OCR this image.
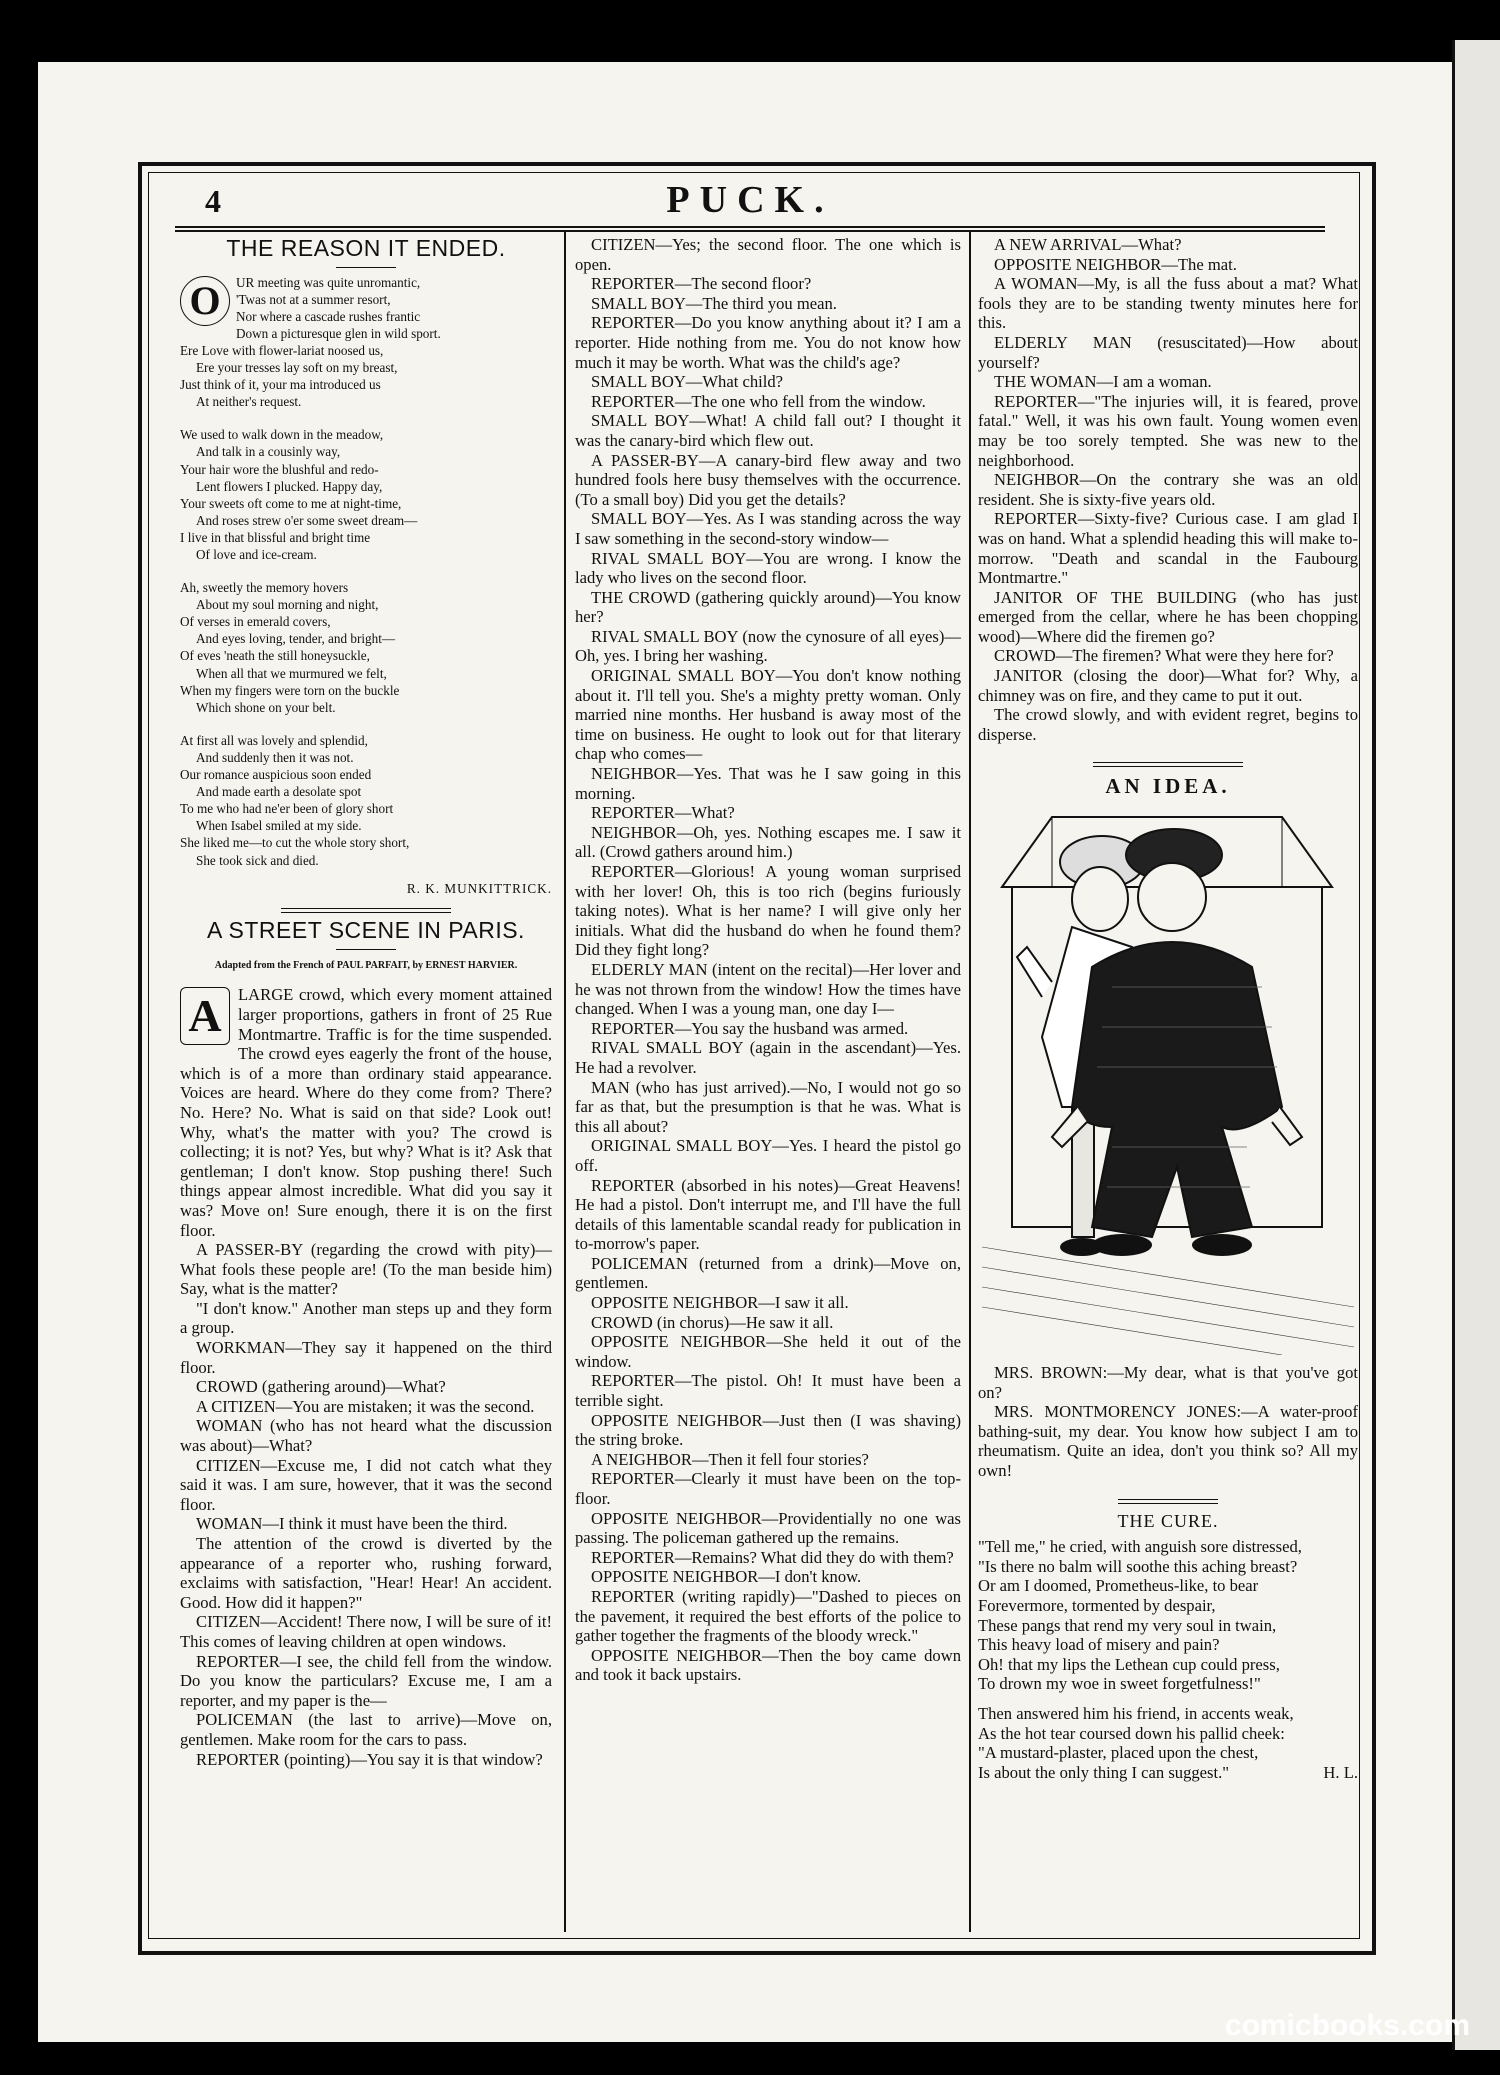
4	PUCK.
THE REASON IT ENDED.
O	UR meeting was quite unromantic,
'Twas not at a summer resort,
Nor where a cascade rushes frantic
Down a picturesque glen in wild sport.
Ere Love with flower-lariat noosed us,
Ere your tresses lay soft on my breast,
Just think of it, your ma introduced us
At neither's request.
We used to walk down in the meadow,
And talk in a cousinly way,
Your hair wore the blushful and redo-
Lent flowers I plucked. Happy day,
Your sweets oft come to me at night-time,
And roses strew o'er some sweet dream—
I live in that blissful and bright time
Of love and ice-cream.
Ah, sweetly the memory hovers
About my soul morning and night,
Of verses in emerald covers,
And eyes loving, tender, and bright—
Of eves 'neath the still honeysuckle,
When all that we murmured we felt,
When my fingers were torn on the buckle
Which shone on your belt.
At first all was lovely and splendid,
And suddenly then it was not.
Our romance auspicious soon ended
And made earth a desolate spot
To me who had ne'er been of glory short
When Isabel smiled at my side.
She liked me—to cut the whole story short,
She took sick and died.
R. K. MUNKITTRICK.
A STREET SCENE IN PARIS.
Adapted from the French of PAUL PARFAIT, by ERNEST HARVIER.
A LARGE crowd, which every moment attained larger proportions, gathers in front of 25 Rue Montmartre. Traffic is for the time suspended. The crowd eyes eagerly the front of the house, which is of a more than ordinary staid appearance. Voices are heard. Where do they come from? There? No. Here? No. What is said on that side? Look out! Why, what's the matter with you? The crowd is collecting; it is not? Yes, but why? What is it? Ask that gentleman; I don't know. Stop pushing there! Such things appear almost incredible. What did you say it was? Move on! Sure enough, there it is on the first floor.

A PASSER-BY (regarding the crowd with pity)—What fools these people are! (To the man beside him) Say, what is the matter?

"I don't know." Another man steps up and they form a group.

WORKMAN—They say it happened on the third floor.

CROWD (gathering around)—What?

A CITIZEN—You are mistaken; it was the second.

WOMAN (who has not heard what the discussion was about)—What?

CITIZEN—Excuse me, I did not catch what they said it was. I am sure, however, that it was the second floor.

WOMAN—I think it must have been the third.

The attention of the crowd is diverted by the appearance of a reporter who, rushing forward, exclaims with satisfaction, "Hear! Hear! An accident. Good. How did it happen?"

CITIZEN—Accident! There now, I will be sure of it! This comes of leaving children at open windows.

REPORTER—I see, the child fell from the window. Do you know the particulars? Excuse me, I am a reporter, and my paper is the—

POLICEMAN (the last to arrive)—Move on, gentlemen. Make room for the cars to pass.

REPORTER (pointing)—You say it is that window?

CITIZEN—Yes; the second floor. The one which is open.

REPORTER—The second floor?

SMALL BOY—The third you mean.

REPORTER—Do you know anything about it? I am a reporter. Hide nothing from me. You do not know how much it may be worth. What was the child's age?

SMALL BOY—What child?

REPORTER—The one who fell from the window.

SMALL BOY—What! A child fall out? I thought it was the canary-bird which flew out.

A PASSER-BY—A canary-bird flew away and two hundred fools here busy themselves with the occurrence. (To a small boy) Did you get the details?

SMALL BOY—Yes. As I was standing across the way I saw something in the second-story window—

RIVAL SMALL BOY—You are wrong. I know the lady who lives on the second floor.

THE CROWD (gathering quickly around)—You know her?

RIVAL SMALL BOY (now the cynosure of all eyes)—Oh, yes. I bring her washing.

ORIGINAL SMALL BOY—You don't know nothing about it. I'll tell you. She's a mighty pretty woman. Only married nine months. Her husband is away most of the time on business. He ought to look out for that literary chap who comes—

NEIGHBOR—Yes. That was he I saw going in this morning.

REPORTER—What?

NEIGHBOR—Oh, yes. Nothing escapes me. I saw it all. (Crowd gathers around him.)

REPORTER—Glorious! A young woman surprised with her lover! Oh, this is too rich (begins furiously taking notes). What is her name? I will give only her initials. What did the husband do when he found them? Did they fight long?

ELDERLY MAN (intent on the recital)—Her lover and he was not thrown from the window! How the times have changed. When I was a young man, one day I—

REPORTER—You say the husband was armed.

RIVAL SMALL BOY (again in the ascendant)—Yes. He had a revolver.

MAN (who has just arrived).—No, I would not go so far as that, but the presumption is that he was. What is this all about?

ORIGINAL SMALL BOY—Yes. I heard the pistol go off.

REPORTER (absorbed in his notes)—Great Heavens! He had a pistol. Don't interrupt me, and I'll have the full details of this lamentable scandal ready for publication in to-morrow's paper.

POLICEMAN (returned from a drink)—Move on, gentlemen.

OPPOSITE NEIGHBOR—I saw it all.

CROWD (in chorus)—He saw it all.

OPPOSITE NEIGHBOR—She held it out of the window.

REPORTER—The pistol. Oh! It must have been a terrible sight.

OPPOSITE NEIGHBOR—Just then (I was shaving) the string broke.

A NEIGHBOR—Then it fell four stories?

REPORTER—Clearly it must have been on the top-floor.

OPPOSITE NEIGHBOR—Providentially no one was passing. The policeman gathered up the remains.

REPORTER—Remains? What did they do with them?

OPPOSITE NEIGHBOR—I don't know.

REPORTER (writing rapidly)—"Dashed to pieces on the pavement, it required the best efforts of the police to gather together the fragments of the bloody wreck."

OPPOSITE NEIGHBOR—Then the boy came down and took it back upstairs.

A NEW ARRIVAL—What?

OPPOSITE NEIGHBOR—The mat.

A WOMAN—My, is all the fuss about a mat? What fools they are to be standing twenty minutes here for this.

ELDERLY MAN (resuscitated)—How about yourself?

THE WOMAN—I am a woman.

REPORTER—"The injuries will, it is feared, prove fatal." Well, it was his own fault. Young women even may be too sorely tempted. She was new to the neighborhood.

NEIGHBOR—On the contrary she was an old resident. She is sixty-five years old.

REPORTER—Sixty-five? Curious case. I am glad I was on hand. What a splendid heading this will make to-morrow. "Death and scandal in the Faubourg Montmartre."

JANITOR OF THE BUILDING (who has just emerged from the cellar, where he has been chopping wood)—Where did the firemen go?

CROWD—The firemen? What were they here for?

JANITOR (closing the door)—What for? Why, a chimney was on fire, and they came to put it out.

The crowd slowly, and with evident regret, begins to disperse.

AN IDEA.

MRS. BROWN:—My dear, what is that you've got on?

MRS. MONTMORENCY JONES:—A water-proof bathing-suit, my dear. You know how subject I am to rheumatism. Quite an idea, don't you think so? All my own!

THE CURE.

"Tell me," he cried, with anguish sore distressed,

"Is there no balm will soothe this aching breast?

Or am I doomed, Prometheus-like, to bear

Forevermore, tormented by despair,

These pangs that rend my very soul in twain,

This heavy load of misery and pain?

Oh! that my lips the Lethean cup could press,

To drown my woe in sweet forgetfulness!"

Then answered him his friend, in accents weak,

As the hot tear coursed down his pallid cheek:

"A mustard-plaster, placed upon the chest,

Is about the only thing I can suggest."	H. L.

comicbooks.com
